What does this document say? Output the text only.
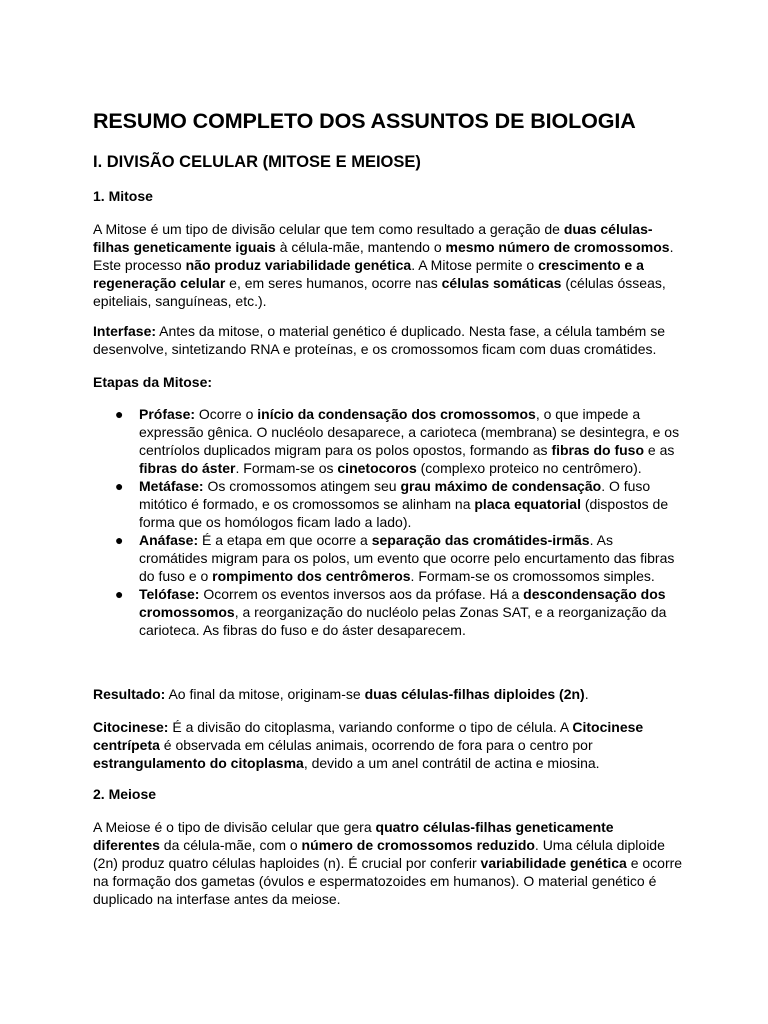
RESUMO COMPLETO DOS ASSUNTOS DE BIOLOGIA
I. DIVISÃO CELULAR (MITOSE E MEIOSE)
1. Mitose

A Mitose é um tipo de divisão celular que tem como resultado a geração de duas células-filhas geneticamente iguais à célula-mãe, mantendo o mesmo número de cromossomos. Este processo não produz variabilidade genética. A Mitose permite o crescimento e a regeneração celular e, em seres humanos, ocorre nas células somáticas (células ósseas, epiteliais, sanguíneas, etc.).

Interfase: Antes da mitose, o material genético é duplicado. Nesta fase, a célula também se desenvolve, sintetizando RNA e proteínas, e os cromossomos ficam com duas cromátides.

Etapas da Mitose:
● Prófase: Ocorre o início da condensação dos cromossomos, o que impede a expressão gênica. O nucléolo desaparece, a carioteca (membrana) se desintegra, e os centríolos duplicados migram para os polos opostos, formando as fibras do fuso e as fibras do áster. Formam-se os cinetocoros (complexo proteico no centrômero).
● Metáfase: Os cromossomos atingem seu grau máximo de condensação. O fuso mitótico é formado, e os cromossomos se alinham na placa equatorial (dispostos de forma que os homólogos ficam lado a lado).
● Anáfase: É a etapa em que ocorre a separação das cromátides-irmãs. As cromátides migram para os polos, um evento que ocorre pelo encurtamento das fibras do fuso e o rompimento dos centrômeros. Formam-se os cromossomos simples.
● Telófase: Ocorrem os eventos inversos aos da prófase. Há a descondensação dos cromossomos, a reorganização do nucléolo pelas Zonas SAT, e a reorganização da carioteca. As fibras do fuso e do áster desaparecem.

Resultado: Ao final da mitose, originam-se duas células-filhas diploides (2n).

Citocinese: É a divisão do citoplasma, variando conforme o tipo de célula. A Citocinese centrípeta é observada em células animais, ocorrendo de fora para o centro por estrangulamento do citoplasma, devido a um anel contrátil de actina e miosina.

2. Meiose

A Meiose é o tipo de divisão celular que gera quatro células-filhas geneticamente diferentes da célula-mãe, com o número de cromossomos reduzido. Uma célula diploide (2n) produz quatro células haploides (n). É crucial por conferir variabilidade genética e ocorre na formação dos gametas (óvulos e espermatozoides em humanos). O material genético é duplicado na interfase antes da meiose.
